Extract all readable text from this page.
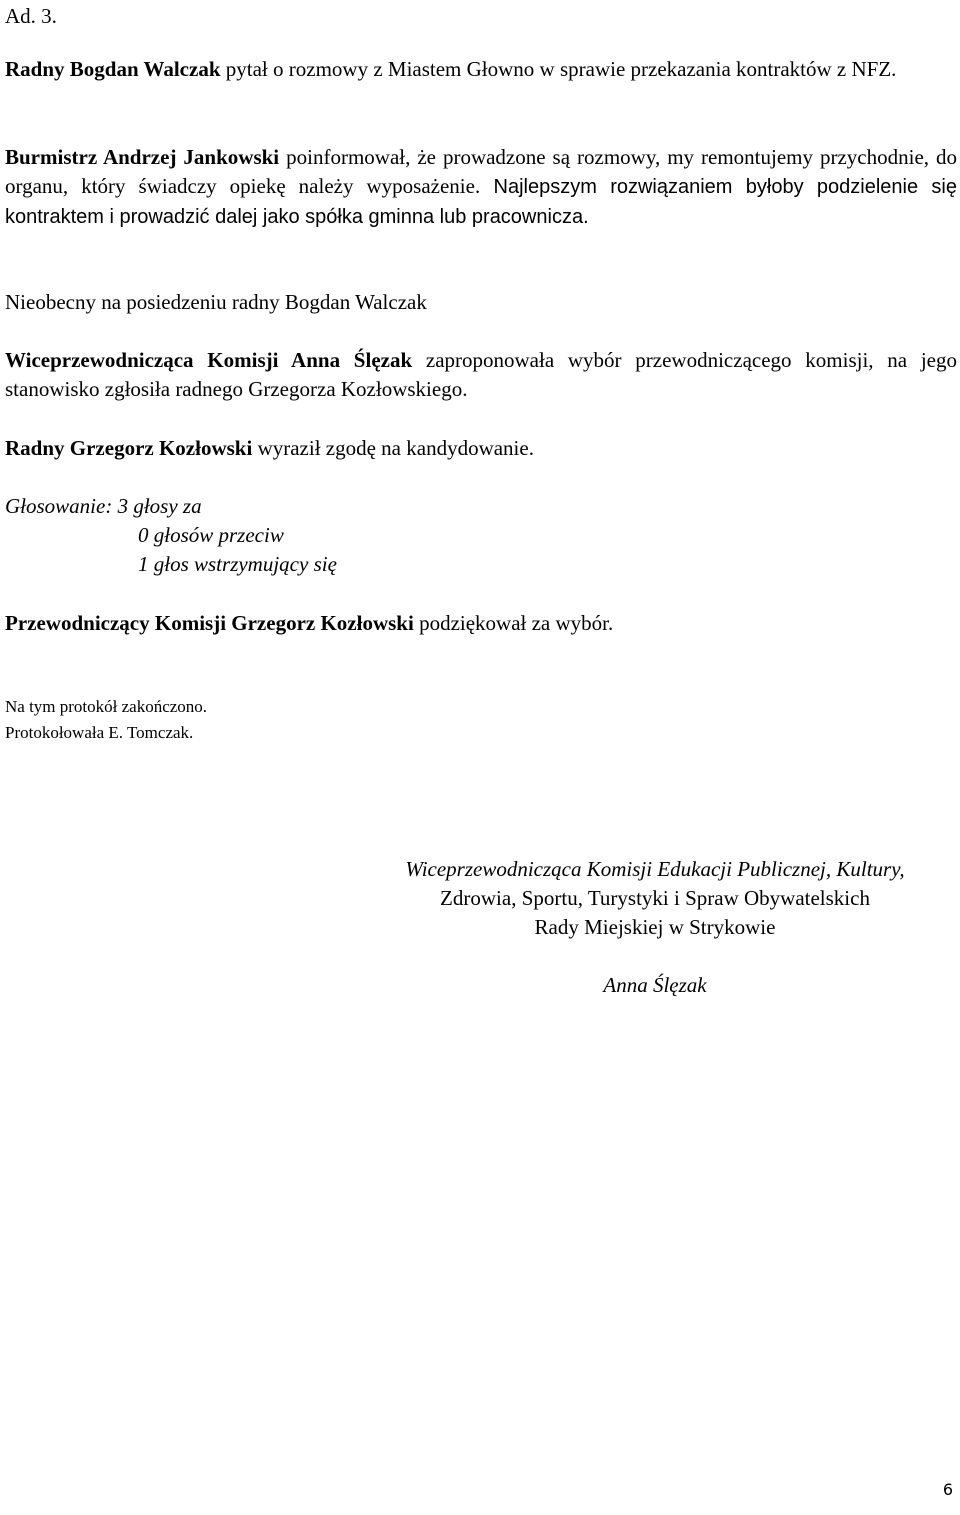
Ad. 3.

Radny Bogdan Walczak pytał o rozmowy z Miastem Głowno w sprawie przekazania kontraktów z NFZ.

Burmistrz Andrzej Jankowski poinformował, że prowadzone są rozmowy, my remontujemy przychodnie, do organu, który świadczy opiekę należy wyposażenie. Najlepszym rozwiązaniem byłoby podzielenie się kontraktem i prowadzić dalej jako spółka gminna lub pracownicza.

Nieobecny na posiedzeniu radny Bogdan Walczak

Wiceprzewodnicząca Komisji Anna Ślęzak zaproponowała wybór przewodniczącego komisji, na jego stanowisko zgłosiła radnego Grzegorza Kozłowskiego.

Radny Grzegorz Kozłowski wyraził zgodę na kandydowanie.

Głosowanie: 3 głosy za
0 głosów przeciw
1 głos wstrzymujący się

Przewodniczący Komisji Grzegorz Kozłowski podziękował za wybór.

Na tym protokół zakończono.
Protokołowała E. Tomczak.
Wiceprzewodnicząca Komisji Edukacji Publicznej, Kultury,
Zdrowia, Sportu, Turystyki i Spraw Obywatelskich
Rady Miejskiej w Strykowie
Anna Ślęzak
6
